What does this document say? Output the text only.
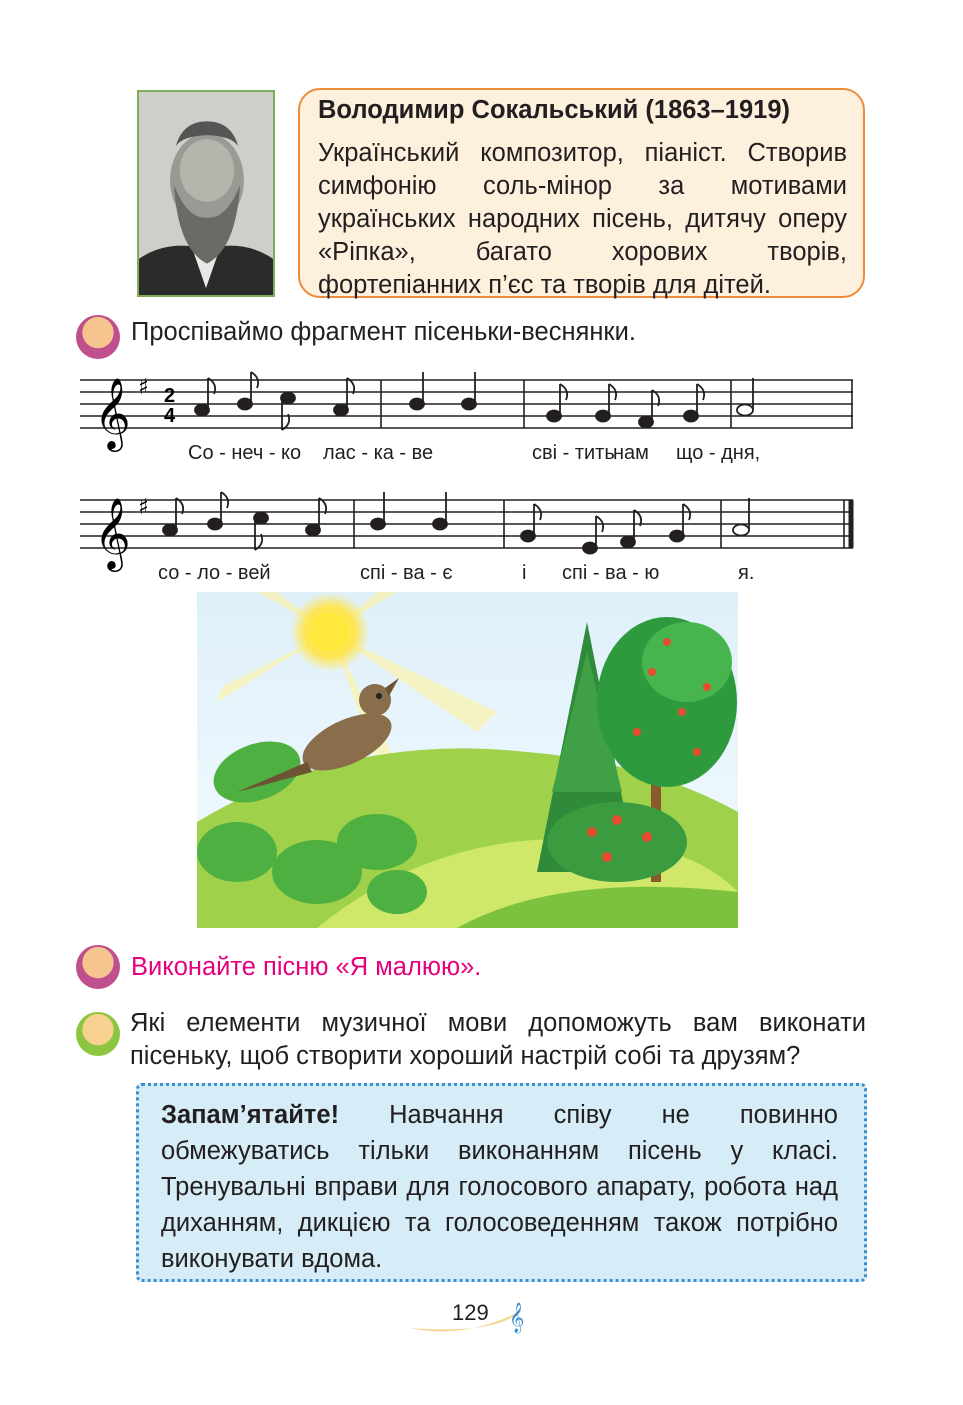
Володимир Сокальський (1863–1919)

Український композитор, піаніст. Створив симфонію соль-мінор за мотивами українських народних пісень, дитячу оперу «Ріпка», багато хорових творів, фортепіанних п’єс та творів для дітей.

Проспіваймо фрагмент пісеньки-веснянки.
𝄞 ♯ 2
4
Со - неч - ко лас - ка - ве	сві - тить
нам що - дня,
𝄞 ♯
со - ло - вей	спі - ва - є	і спі - ва - ю	я.
Виконайте пісню «Я малюю».
Які елементи музичної мови допоможуть вам виконати пісеньку, щоб створити хороший настрій собі та друзям?
Запам’ятайте! Навчання співу не повинно обмежуватись тільки виконанням пісень у класі. Тренувальні вправи для голосового апарату, робота над диханням, дикцією та голосоведенням також потрібно виконувати вдома.
𝄞
129
